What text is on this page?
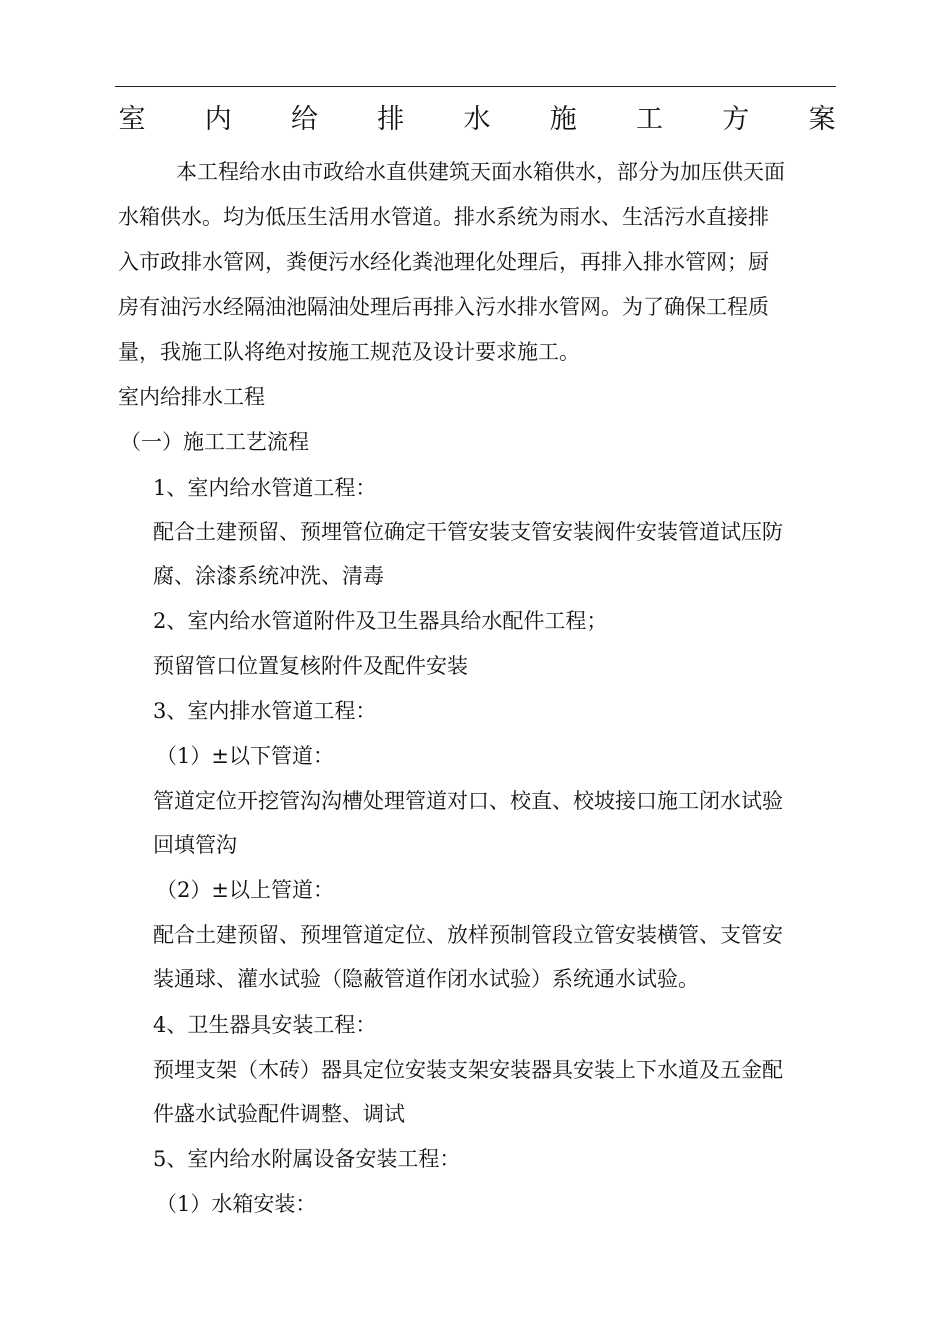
室 内 给 排 水 施 工 方 案
本工程给水由市政给水直供建筑天面水箱供水，部分为加压供天面
水箱供水。均为低压生活用水管道。排水系统为雨水、生活污水直接排
入市政排水管网，粪便污水经化粪池理化处理后，再排入排水管网；厨
房有油污水经隔油池隔油处理后再排入污水排水管网。为了确保工程质
量，我施工队将绝对按施工规范及设计要求施工。
室内给排水工程
（一）施工工艺流程
1、室内给水管道工程：
配合土建预留、预埋管位确定干管安装支管安装阀件安装管道试压防
腐、涂漆系统冲洗、清毒
2、室内给水管道附件及卫生器具给水配件工程；
预留管口位置复核附件及配件安装
3、室内排水管道工程：
（1）±以下管道：
管道定位开挖管沟沟槽处理管道对口、校直、校坡接口施工闭水试验
回填管沟
（2）±以上管道：
配合土建预留、预埋管道定位、放样预制管段立管安装横管、支管安
装通球、灌水试验（隐蔽管道作闭水试验）系统通水试验。
4、卫生器具安装工程：
预埋支架（木砖）器具定位安装支架安装器具安装上下水道及五金配
件盛水试验配件调整、调试
5、室内给水附属设备安装工程：
（1）水箱安装：
